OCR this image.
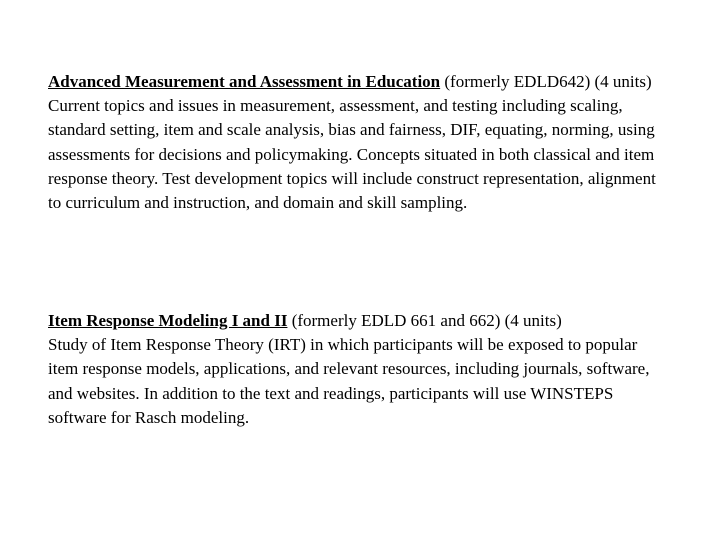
Advanced Measurement and Assessment in Education (formerly EDLD642) (4 units)
Current topics and issues in measurement, assessment, and testing including scaling, standard setting, item and scale analysis, bias and fairness, DIF, equating, norming, using assessments for decisions and policymaking. Concepts situated in both classical and item response theory. Test development topics will include construct representation, alignment to curriculum and instruction, and domain and skill sampling.
Item Response Modeling I and II (formerly EDLD 661 and 662) (4 units)
Study of Item Response Theory (IRT) in which participants will be exposed to popular item response models, applications, and relevant resources, including journals, software, and websites. In addition to the text and readings, participants will use WINSTEPS software for Rasch modeling.
